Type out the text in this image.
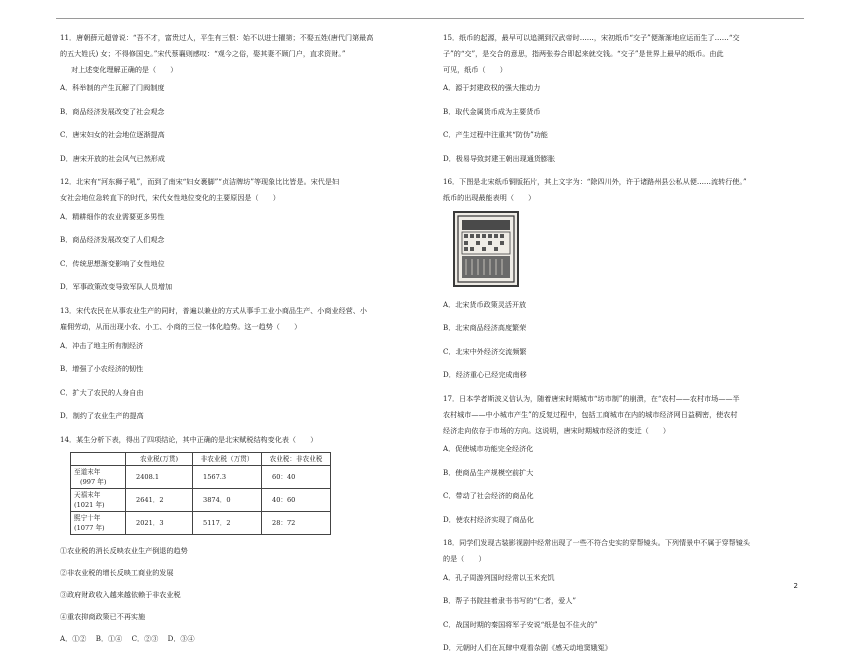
11．唐朝薛元超曾说：“吾不才，富贵过人，平生有三恨：始不以进士擢第；不娶五姓(唐代门第最高
的五大姓氏) 女；不得修国史。”宋代蔡襄则感叹：“观今之俗，娶其妻不顾门户，直求资财。”
对上述变化理解正确的是（　　）
A．科举制的产生瓦解了门阀制度
B．商品经济发展改变了社会观念
C．唐宋妇女的社会地位逐渐提高
D．唐宋开放的社会风气已然形成
12．北宋有“河东狮子吼”，而到了南宋“妇女裹脚”“贞洁牌坊”等现象比比皆是。宋代是妇
女社会地位急转直下的时代，宋代女性地位变化的主要原因是（　　）
A．精耕细作的农业需要更多男性
B．商品经济发展改变了人们观念
C．传统思想渐变影响了女性地位
D．军事政策改变导致军队人员增加
13．宋代农民在从事农业生产的同时，普遍以兼业的方式从事手工业小商品生产、小商业经营、小
雇佣劳动，从而出现小农、小工、小商的三位一体化趋势。这一趋势（　　）
A．冲击了地主所有制经济
B．增强了小农经济的韧性
C．扩大了农民的人身自由
D．制约了农业生产的提高
14．某生分析下表，得出了四项结论，其中正确的是北宋赋税结构变化表（　　）
	农业税(万贯)	非农业税（万贯）	农业税：非农业税

至道末年
(997 年)	2408.1	1567.3	60：40

天禧末年
(1021 年)	2641．2	3874．0	40：60

熙宁十年
(1077 年)	2021．3	5117．2	28：72
①农业税的消长反映农业生产倒退的趋势
②非农业税的增长反映工商业的发展
③政府财政收入越来越依赖于非农业税
④重农抑商政策已不再实施
A．①②　 B．①④　 C．②③　 D．③④
15．纸币的起源，最早可以追溯到汉武帝时……，宋初纸币“交子”便渐渐地应运而生了……“交
子”的“交”，是交合的意思，指两张券合即起来就交钱。“交子”是世界上最早的纸币。由此
可见，纸币（　　）
A．源于封建政权的强大推动力
B．取代金属货币成为主要货币
C．产生过程中注重其“防伪”功能
D．极易导致封建王朝出现通货膨胀
16．下图是北宋纸币铜版拓片，其上文字为：“除四川外，许于诸路州县公私从便……流转行使。”
纸币的出现最能表明（　　）
A．北宋货币政策灵活开放
B．北宋商品经济高度繁荣
C．北宋中外经济交流频繁
D．经济重心已经完成南移
17．日本学者斯波义信认为，随着唐宋时期城市“坊市制”的崩溃，在“农村——农村市场——半
农村城市——中小城市产生”的反复过程中，包括工商城市在内的城市经济网日益稠密，使农村
经济走向依存于市场的方向。这说明，唐宋时期城市经济的变迁（　　）
A．促使城市功能完全经济化
B．使商品生产规模空前扩大
C．带动了社会经济的商品化
D．使农村经济实现了商品化
18．同学们发现古装影视剧中经常出现了一些不符合史实的穿帮镜头。下列情景中不属于穿帮镜头
的是（　　）
A．孔子周游列国时经常以玉米充饥
B．帮子书院挂着隶书书写的“仁者，爱人”
C．战国时期的秦国将军子安说“纸是包不住火的”
D．元朝时人们在瓦肆中观看杂剧《感天动地窦娥冤》
2
